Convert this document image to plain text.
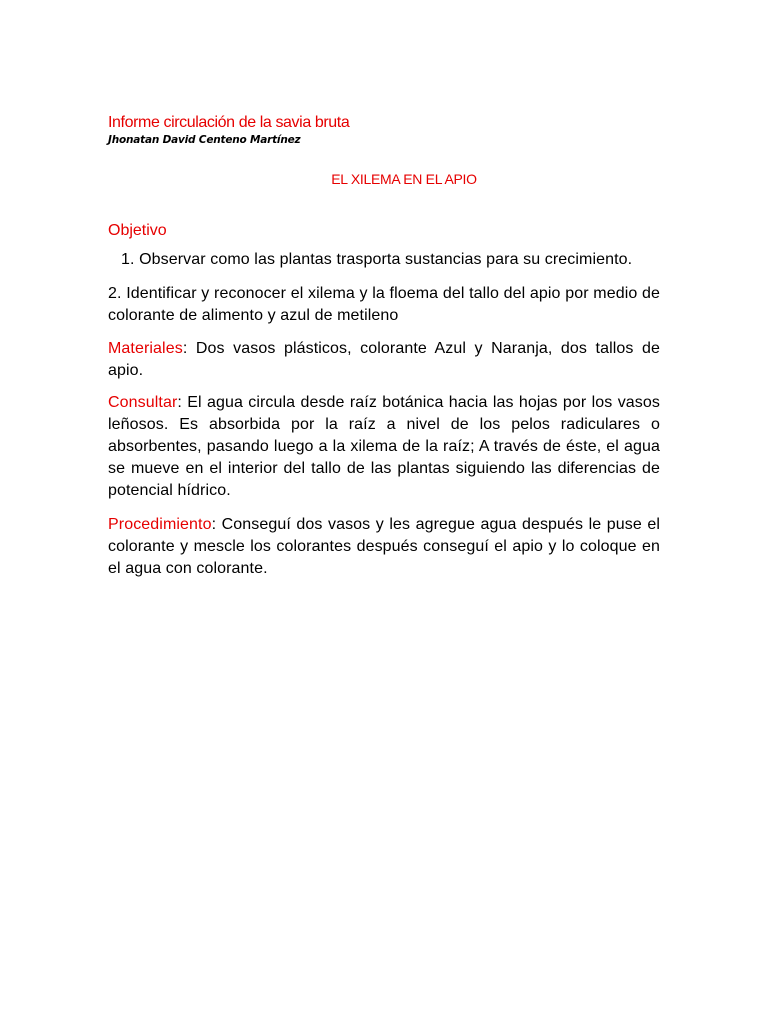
Informe circulación de la savia bruta

Jhonatan David Centeno Martínez

EL XILEMA EN EL APIO

Objetivo

1. Observar como las plantas trasporta sustancias para su crecimiento.

2. Identificar y reconocer el xilema y la floema del tallo del apio por medio de colorante de alimento y azul de metileno

Materiales: Dos vasos plásticos, colorante Azul y Naranja, dos tallos de apio.

Consultar: El agua circula desde raíz botánica hacia las hojas por los vasos leñosos. Es absorbida por la raíz a nivel de los pelos radiculares o absorbentes, pasando luego a la xilema de la raíz; A través de éste, el agua se mueve en el interior del tallo de las plantas siguiendo las diferencias de potencial hídrico.

Procedimiento: Conseguí dos vasos y les agregue agua después le puse el colorante y mescle los colorantes después conseguí el apio y lo coloque en el agua con colorante.
